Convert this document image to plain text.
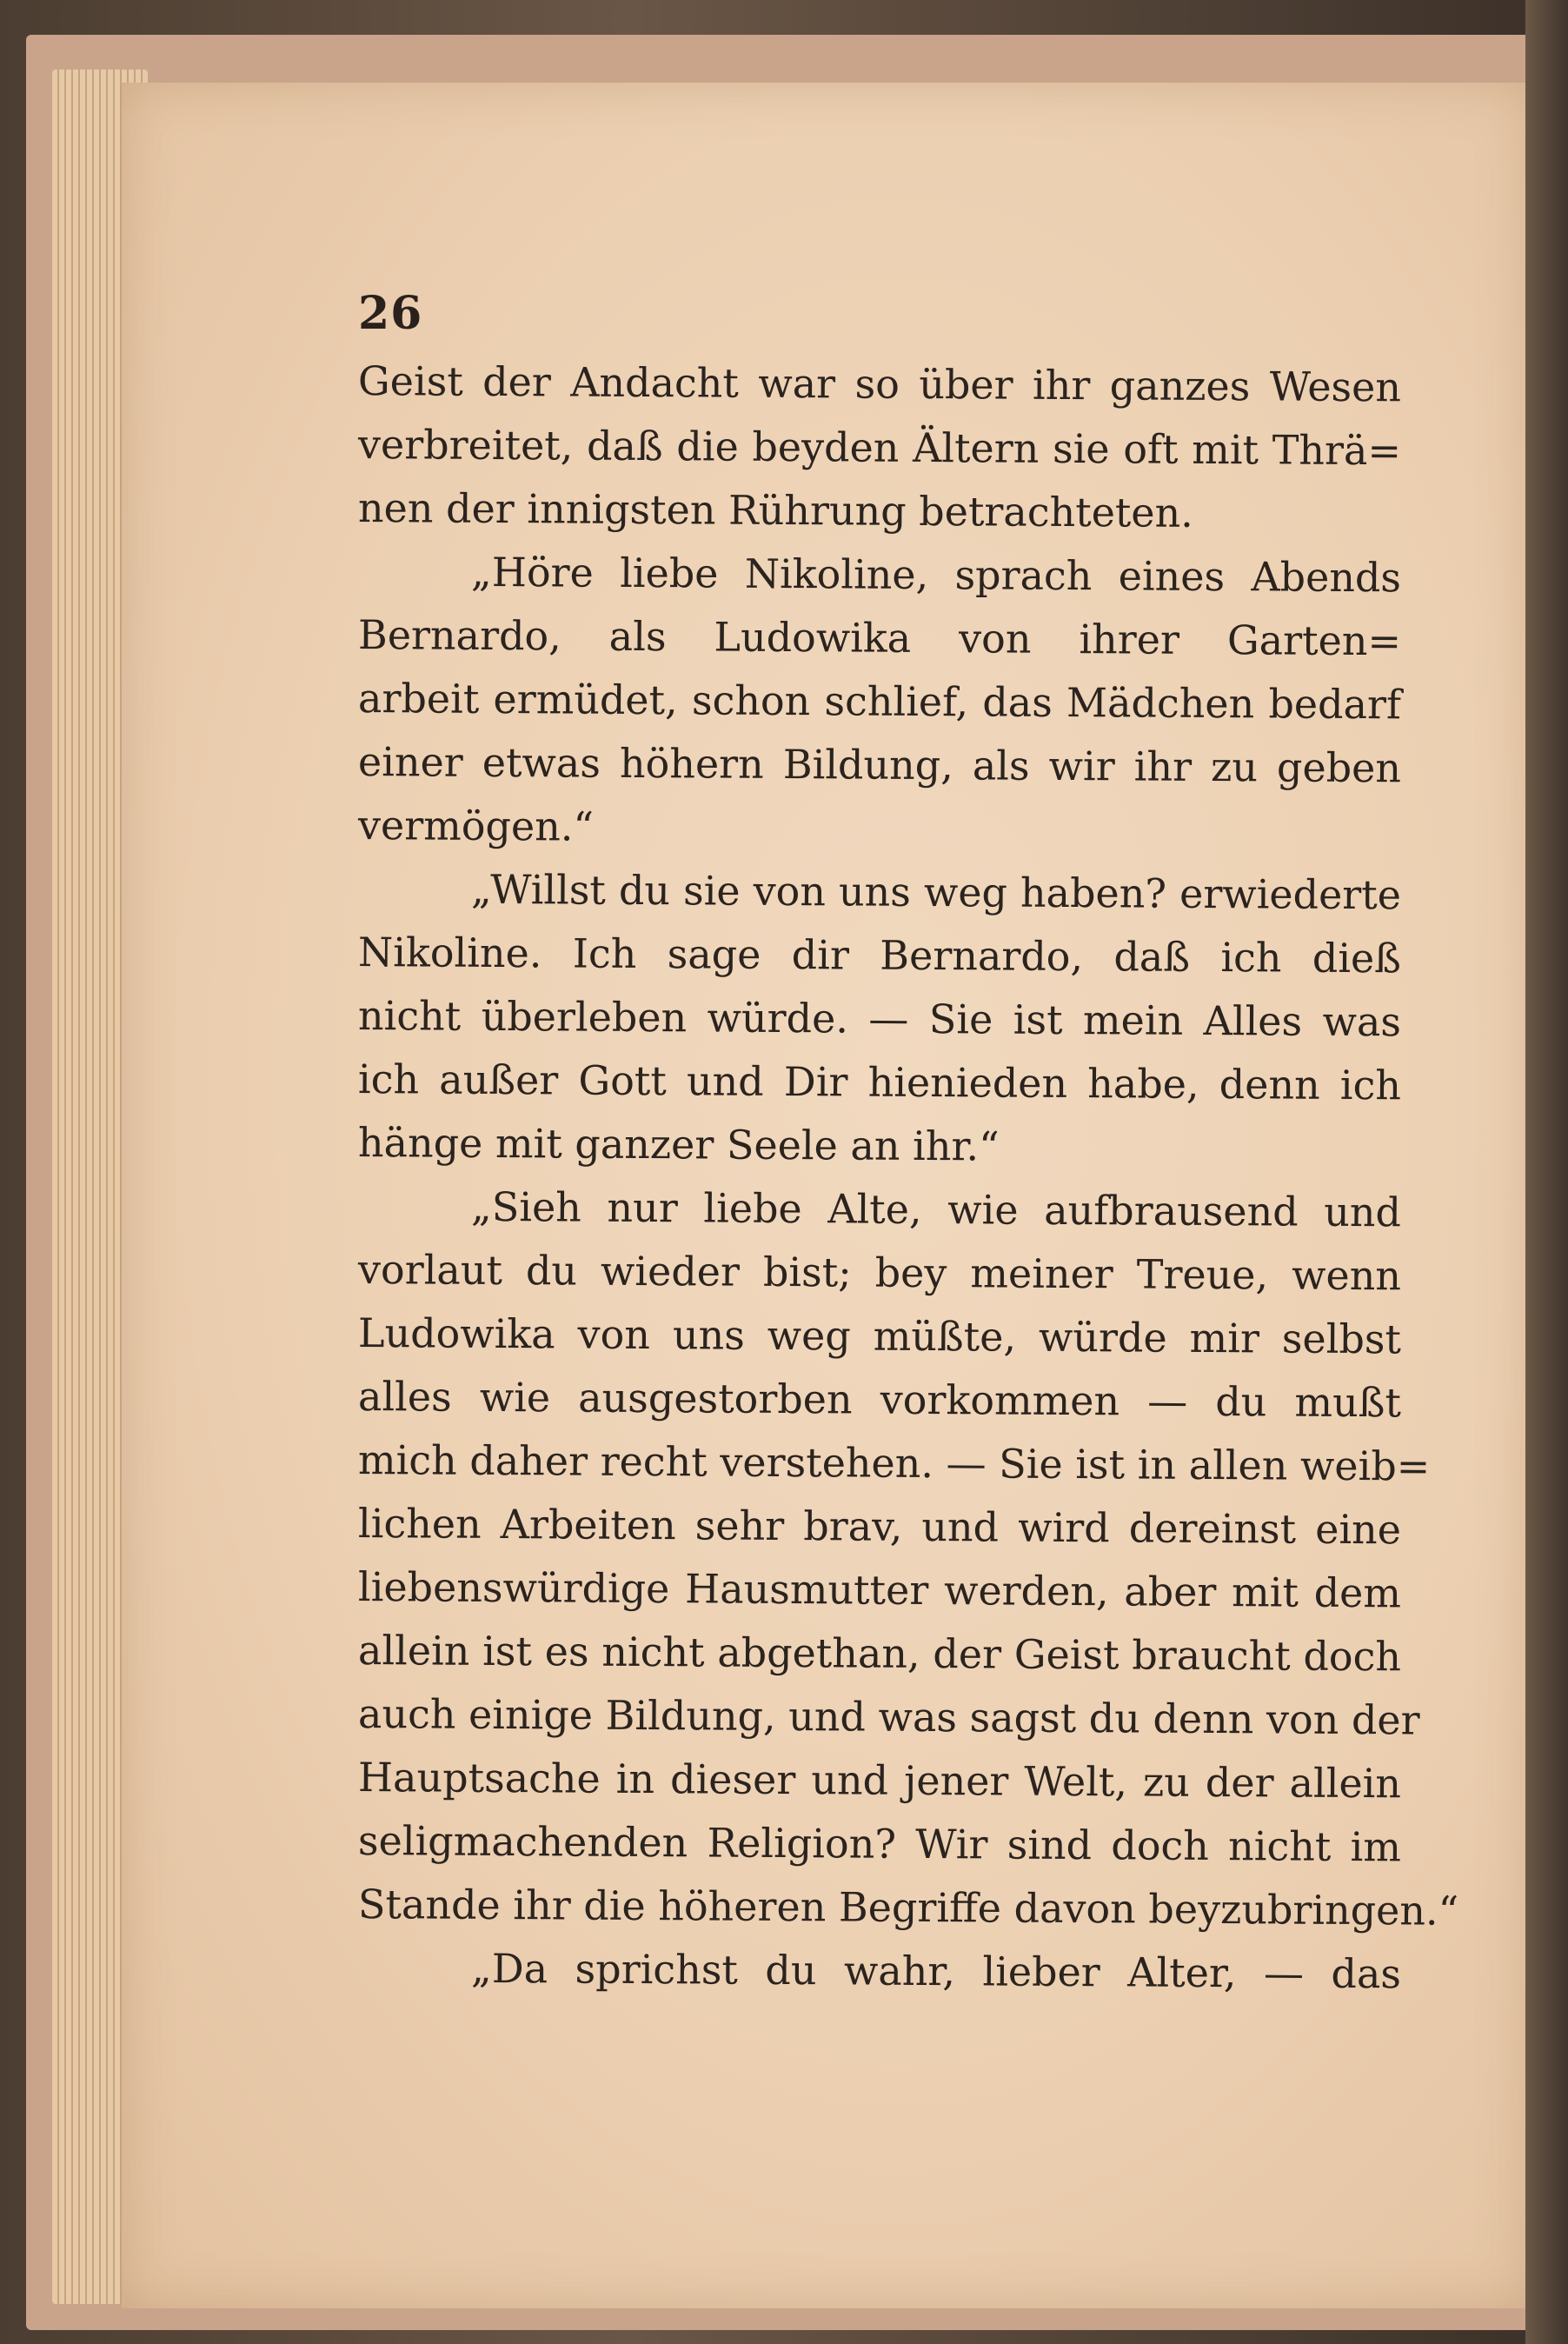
26
Geist der Andacht war so über ihr ganzes Wesen
verbreitet, daß die beyden Ältern sie oft mit Thrä=
nen der innigsten Rührung betrachteten.
„Höre liebe Nikoline, sprach eines Abends
Bernardo, als Ludowika von ihrer Garten=
arbeit ermüdet, schon schlief, das Mädchen bedarf
einer etwas höhern Bildung, als wir ihr zu geben
vermögen.“
„Willst du sie von uns weg haben? erwiederte
Nikoline. Ich sage dir Bernardo, daß ich dieß
nicht überleben würde. — Sie ist mein Alles was
ich außer Gott und Dir hienieden habe, denn ich
hänge mit ganzer Seele an ihr.“
„Sieh nur liebe Alte, wie aufbrausend und
vorlaut du wieder bist; bey meiner Treue, wenn
Ludowika von uns weg müßte, würde mir selbst
alles wie ausgestorben vorkommen — du mußt
mich daher recht verstehen. — Sie ist in allen weib=
lichen Arbeiten sehr brav, und wird dereinst eine
liebenswürdige Hausmutter werden, aber mit dem
allein ist es nicht abgethan, der Geist braucht doch
auch einige Bildung, und was sagst du denn von der
Hauptsache in dieser und jener Welt, zu der allein
seligmachenden Religion? Wir sind doch nicht im
Stande ihr die höheren Begriffe davon beyzubringen.“
„Da sprichst du wahr, lieber Alter, — das
